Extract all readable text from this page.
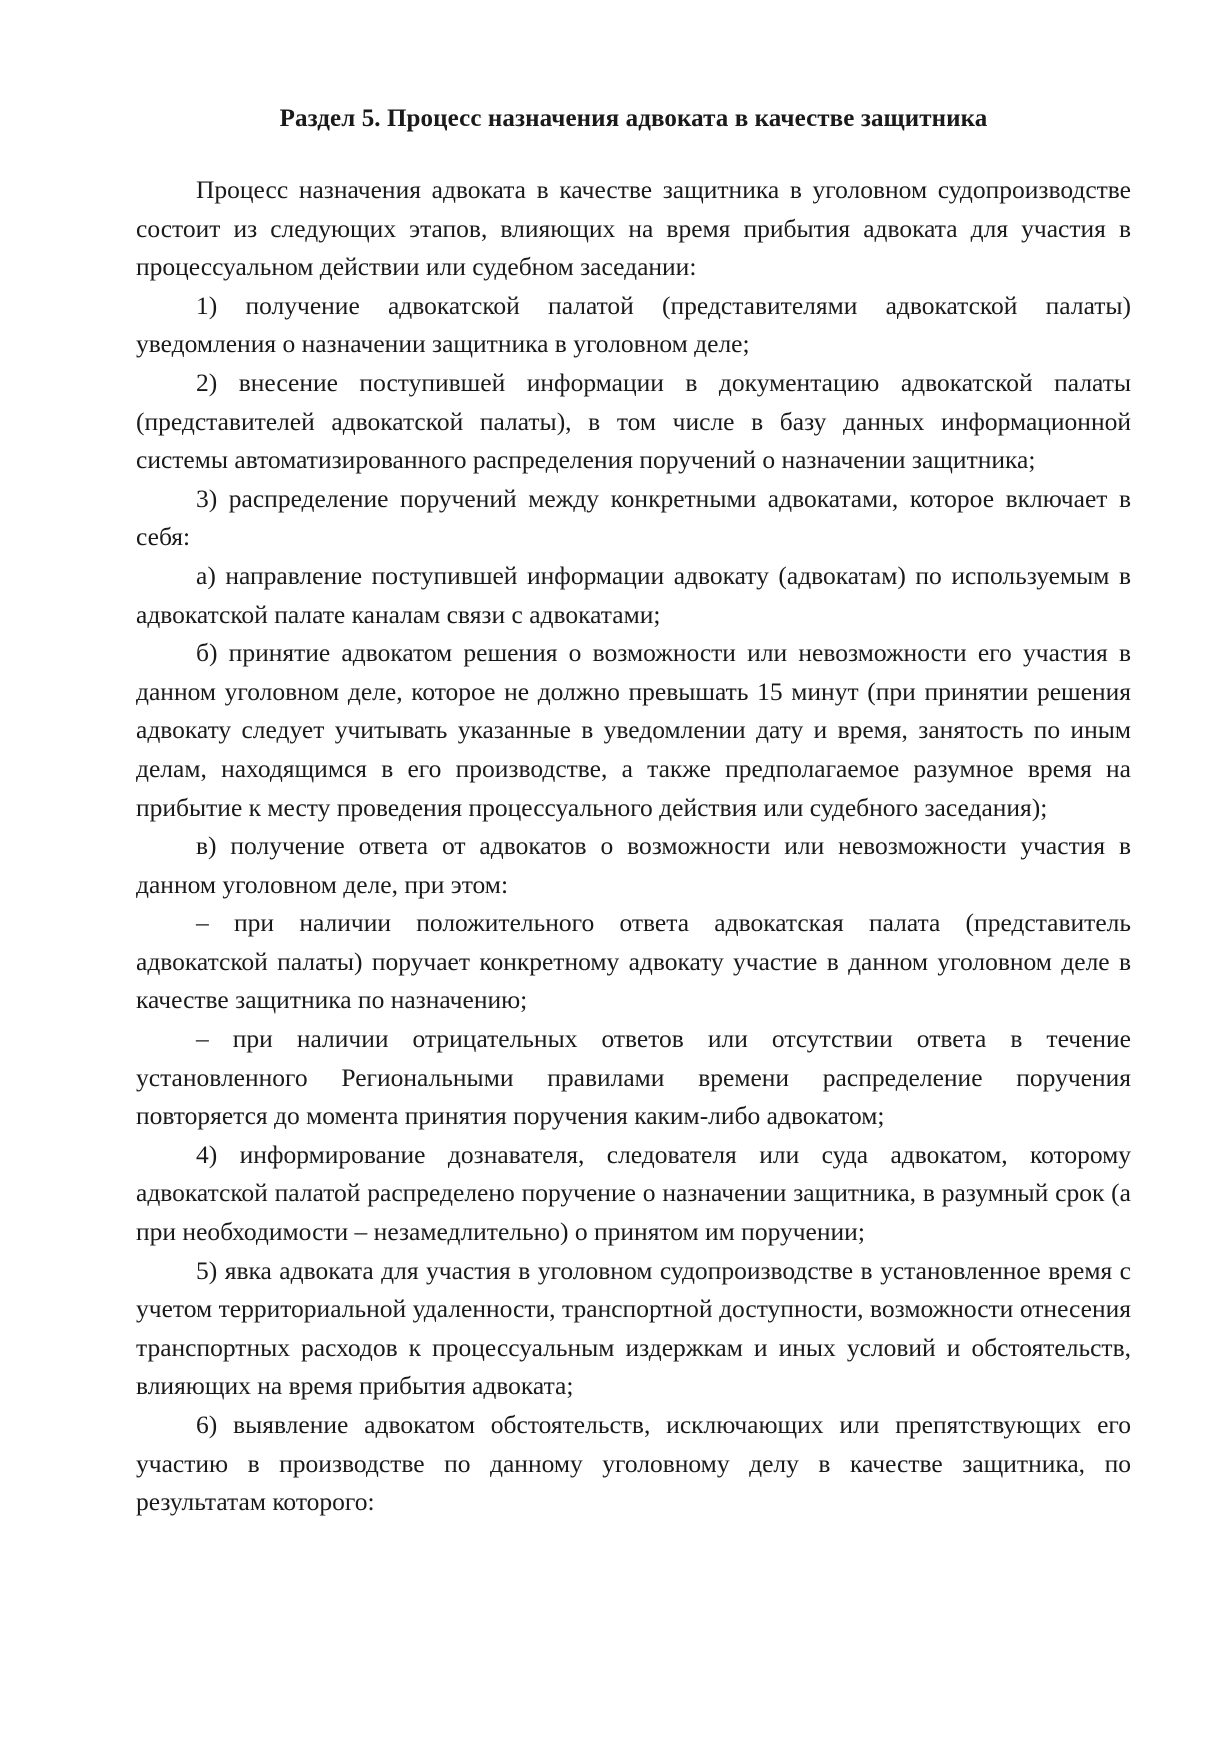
Раздел 5. Процесс назначения адвоката в качестве защитника

Процесс назначения адвоката в качестве защитника в уголовном судопроизводстве состоит из следующих этапов, влияющих на время прибытия адвоката для участия в процессуальном действии или судебном заседании:

1) получение адвокатской палатой (представителями адвокатской палаты) уведомления о назначении защитника в уголовном деле;

2) внесение поступившей информации в документацию адвокатской палаты (представителей адвокатской палаты), в том числе в базу данных информационной системы автоматизированного распределения поручений о назначении защитника;

3) распределение поручений между конкретными адвокатами, которое включает в себя:

а) направление поступившей информации адвокату (адвокатам) по используемым в адвокатской палате каналам связи с адвокатами;

б) принятие адвокатом решения о возможности или невозможности его участия в данном уголовном деле, которое не должно превышать 15 минут (при принятии решения адвокату следует учитывать указанные в уведомлении дату и время, занятость по иным делам, находящимся в его производстве, а также предполагаемое разумное время на прибытие к месту проведения процессуального действия или судебного заседания);

в) получение ответа от адвокатов о возможности или невозможности участия в данном уголовном деле, при этом:

– при наличии положительного ответа адвокатская палата (представитель адвокатской палаты) поручает конкретному адвокату участие в данном уголовном деле в качестве защитника по назначению;

– при наличии отрицательных ответов или отсутствии ответа в течение установленного Региональными правилами времени распределение поручения повторяется до момента принятия поручения каким-либо адвокатом;

4) информирование дознавателя, следователя или суда адвокатом, которому адвокатской палатой распределено поручение о назначении защитника, в разумный срок (а при необходимости – незамедлительно) о принятом им поручении;

5) явка адвоката для участия в уголовном судопроизводстве в установленное время с учетом территориальной удаленности, транспортной доступности, возможности отнесения транспортных расходов к процессуальным издержкам и иных условий и обстоятельств, влияющих на время прибытия адвоката;

6) выявление адвокатом обстоятельств, исключающих или препятствующих его участию в производстве по данному уголовному делу в качестве защитника, по результатам которого:
